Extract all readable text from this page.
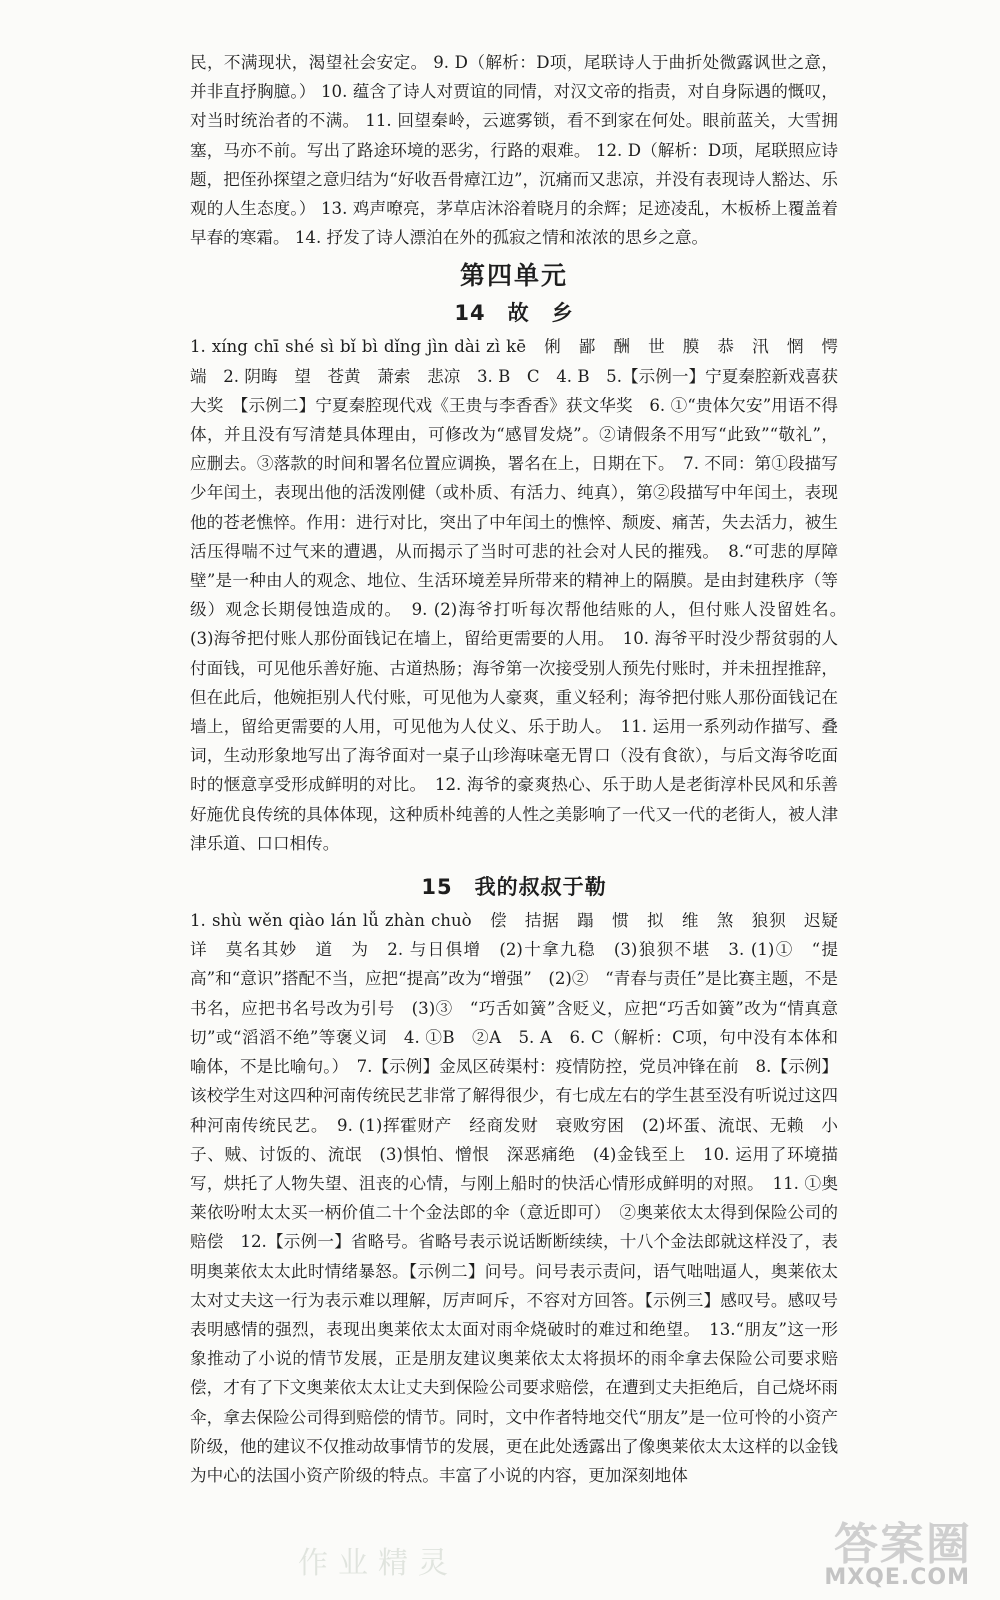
民，不满现状，渴望社会安定。 9. D（解析：D项，尾联诗人于曲折处微露讽世之意，并非直抒胸臆。） 10. 蕴含了诗人对贾谊的同情，对汉文帝的指责，对自身际遇的慨叹，对当时统治者的不满。 11. 回望秦岭，云遮雾锁，看不到家在何处。眼前蓝关，大雪拥塞，马亦不前。写出了路途环境的恶劣，行路的艰难。 12. D（解析：D项，尾联照应诗题，把侄孙探望之意归结为“好收吾骨瘴江边”，沉痛而又悲凉，并没有表现诗人豁达、乐观的人生态度。） 13. 鸡声嘹亮，茅草店沐浴着晓月的余辉；足迹凌乱，木板桥上覆盖着早春的寒霜。 14. 抒发了诗人漂泊在外的孤寂之情和浓浓的思乡之意。

第四单元
14　故　乡

1. xíng chī shé sì bǐ bì dǐng jìn dài zì kē　俐　鄙　酬　世　膜　恭　汛　惘　愕　端　2. 阴晦　望　苍黄　萧索　悲凉　3. B　C　4. B　5.【示例一】宁夏秦腔新戏喜获大奖　【示例二】宁夏秦腔现代戏《王贵与李香香》获文华奖　6. ①“贵体欠安”用语不得体，并且没有写清楚具体理由，可修改为“感冒发烧”。②请假条不用写“此致”“敬礼”，应删去。③落款的时间和署名位置应调换，署名在上，日期在下。　7. 不同：第①段描写少年闰土，表现出他的活泼刚健（或朴质、有活力、纯真），第②段描写中年闰土，表现他的苍老憔悴。作用：进行对比，突出了中年闰土的憔悴、颓废、痛苦，失去活力，被生活压得喘不过气来的遭遇，从而揭示了当时可悲的社会对人民的摧残。　8.“可悲的厚障壁”是一种由人的观念、地位、生活环境差异所带来的精神上的隔膜。是由封建秩序（等级）观念长期侵蚀造成的。　9. (2)海爷打听每次帮他结账的人，但付账人没留姓名。　(3)海爷把付账人那份面钱记在墙上，留给更需要的人用。　10. 海爷平时没少帮贫弱的人付面钱，可见他乐善好施、古道热肠；海爷第一次接受别人预先付账时，并未扭捏推辞，但在此后，他婉拒别人代付账，可见他为人豪爽，重义轻利；海爷把付账人那份面钱记在墙上，留给更需要的人用，可见他为人仗义、乐于助人。　11. 运用一系列动作描写、叠词，生动形象地写出了海爷面对一桌子山珍海味毫无胃口（没有食欲），与后文海爷吃面时的惬意享受形成鲜明的对比。　12. 海爷的豪爽热心、乐于助人是老街淳朴民风和乐善好施优良传统的具体体现，这种质朴纯善的人性之美影响了一代又一代的老街人，被人津津乐道、口口相传。

15　我的叔叔于勒

1. shù wěn qiào lán lǚ zhàn chuò　偿　拮据　蹋　惯　拟　维　煞　狼狈　迟疑　详　莫名其妙　道　为　2. 与日俱增　(2)十拿九稳　(3)狼狈不堪　3. (1)①　“提高”和“意识”搭配不当，应把“提高”改为“增强”　(2)②　“青春与责任”是比赛主题，不是书名，应把书名号改为引号　(3)③　“巧舌如簧”含贬义，应把“巧舌如簧”改为“情真意切”或“滔滔不绝”等褒义词　4. ①B　②A　5. A　6. C（解析：C项，句中没有本体和喻体，不是比喻句。）　7.【示例】金凤区砖渠村：疫情防控，党员冲锋在前　8.【示例】该校学生对这四种河南传统民艺非常了解得很少，有七成左右的学生甚至没有听说过这四种河南传统民艺。　9. (1)挥霍财产　经商发财　衰败穷困　(2)坏蛋、流氓、无赖　小子、贼、讨饭的、流氓　(3)惧怕、憎恨　深恶痛绝　(4)金钱至上　10. 运用了环境描写，烘托了人物失望、沮丧的心情，与刚上船时的快活心情形成鲜明的对照。　11. ①奥莱依吩咐太太买一柄价值二十个金法郎的伞（意近即可）　②奥莱依太太得到保险公司的赔偿　12.【示例一】省略号。省略号表示说话断断续续，十八个金法郎就这样没了，表明奥莱依太太此时情绪暴怒。【示例二】问号。问号表示责问，语气咄咄逼人，奥莱依太太对丈夫这一行为表示难以理解，厉声呵斥，不容对方回答。【示例三】感叹号。感叹号表明感情的强烈，表现出奥莱依太太面对雨伞烧破时的难过和绝望。　13.“朋友”这一形象推动了小说的情节发展，正是朋友建议奥莱依太太将损坏的雨伞拿去保险公司要求赔偿，才有了下文奥莱依太太让丈夫到保险公司要求赔偿，在遭到丈夫拒绝后，自己烧坏雨伞，拿去保险公司得到赔偿的情节。同时，文中作者特地交代“朋友”是一位可怜的小资产阶级，他的建议不仅推动故事情节的发展，更在此处透露出了像奥莱依太太这样的以金钱为中心的法国小资产阶级的特点。丰富了小说的内容，更加深刻地体

作业精灵	答案圈
MXQE.COM
